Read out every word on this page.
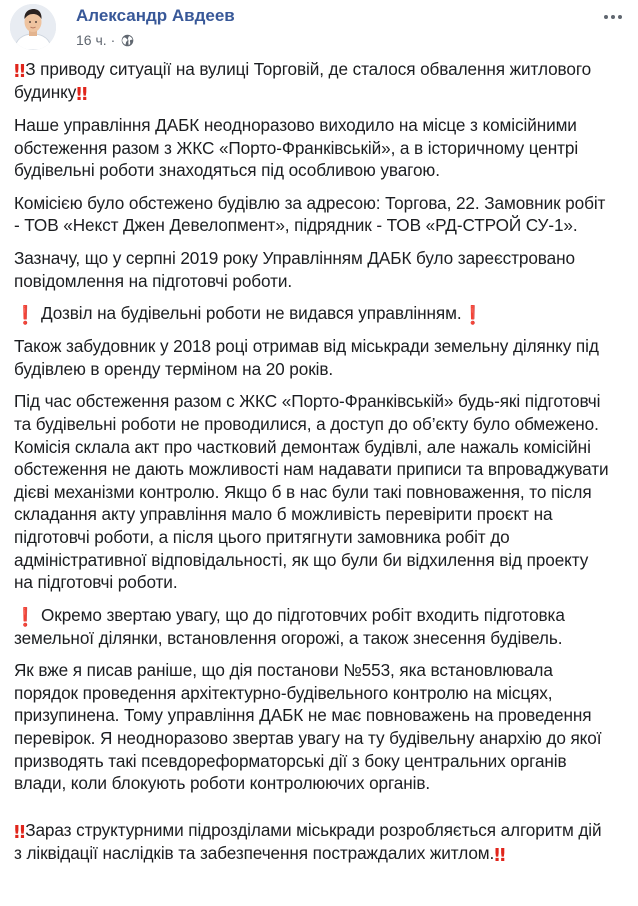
Александр Авдеев
16 ч. ·

‼З приводу ситуації на вулиці Торговій, де сталося обвалення житлового будинку‼

Наше управління ДАБК неодноразово виходило на місце з комісійними обстеження разом з ЖКС «Порто-Франківській», а в історичному центрі будівельні роботи знаходяться під особливою увагою.

Комісією було обстежено будівлю за адресою: Торгова, 22. Замовник робіт - ТОВ «Некст Джен Девелопмент», підрядник - ТОВ «РД-СТРОЙ СУ-1».

Зазначу, що у серпні 2019 року Управлінням ДАБК було зареєстровано повідомлення на підготовчі роботи.

❗ Дозвіл на будівельні роботи не видався управлінням.❗

Також забудовник у 2018 році отримав від міськради земельну ділянку під будівлею в оренду терміном на 20 років.

Під час обстеження разом с ЖКС «Порто-Франківській» будь-які підготовчі та будівельні роботи не проводилися, а доступ до об’єкту було обмежено. Комісія склала акт про частковий демонтаж будівлі, але нажаль комісійні обстеження не дають можливості нам надавати приписи та впроваджувати дієві механізми контролю. Якщо б в нас були такі повноваження, то після складання акту управління мало б можливість перевірити проєкт на підготовчі роботи, а після цього притягнути замовника робіт до адміністративної відповідальності, як що були би відхилення від проекту на підготовчі роботи.

❗ Окремо звертаю увагу, що до підготовчих робіт входить підготовка земельної ділянки, встановлення огорожі, а також знесення будівель.

Як вже я писав раніше, що дія постанови №553, яка встановлювала порядок проведення архітектурно-будівельного контролю на місцях, призупинена. Тому управління ДАБК не має повноважень на проведення перевірок. Я неодноразово звертав увагу на ту будівельну анархію до якої призводять такі псевдореформаторські дії з боку центральних органів влади, коли блокують роботи контролюючих органів.

‼Зараз структурними підрозділами міськради розробляється алгоритм дій з ліквідації наслідків та забезпечення постраждалих житлом.‼
